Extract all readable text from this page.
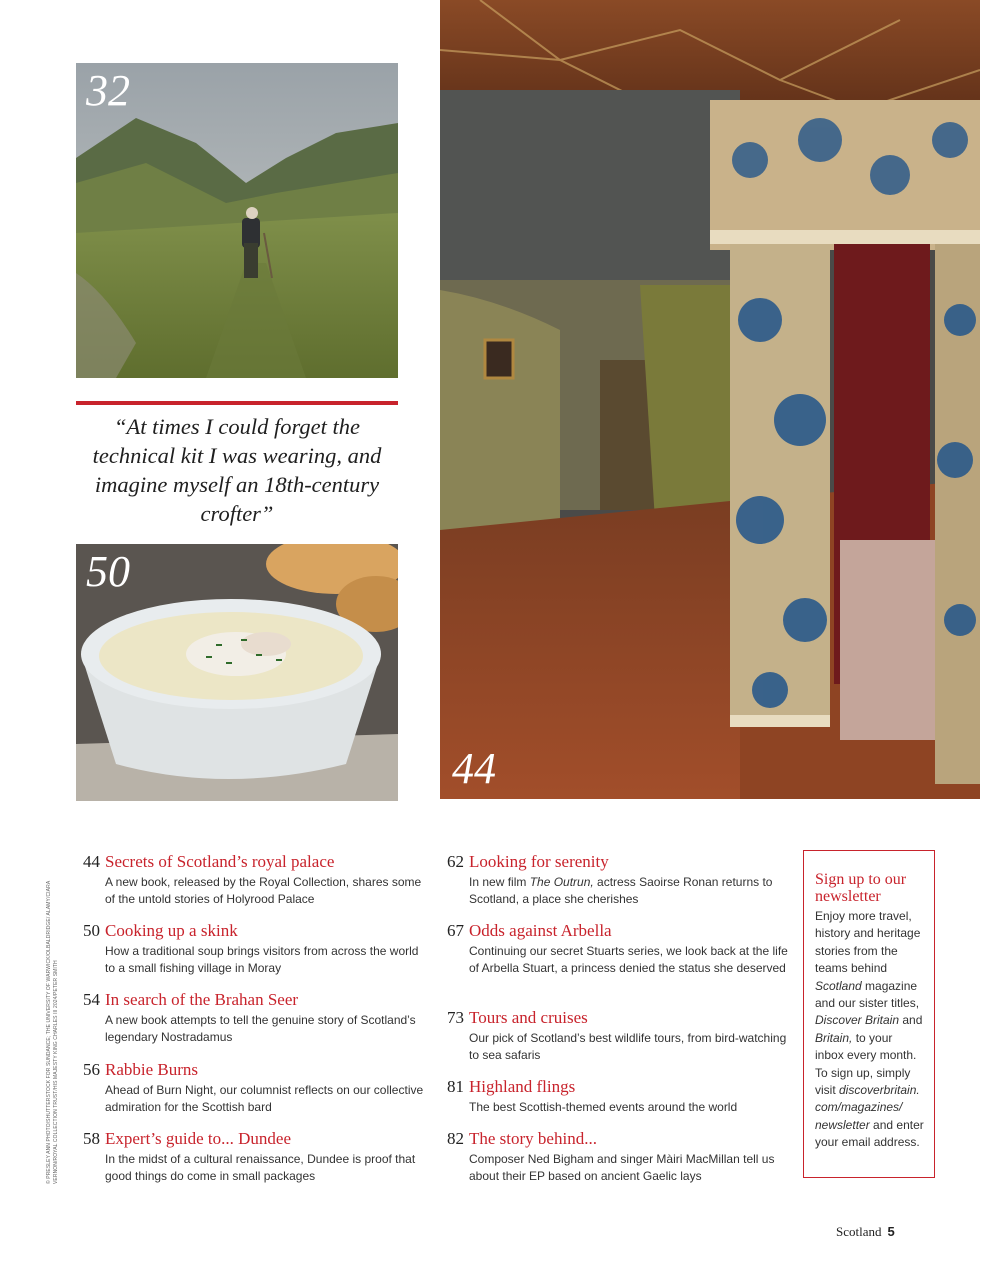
32
“At times I could forget the technical kit I was wearing, and imagine myself an 18th-century crofter”
50
44
© PRESLEY ANN PHOTO/SHUTTERSTOCK FOR SUNDANCE; THE UNIVERSITY OF WARWICK/OLBALDRIDGE/ ALAMY/CIARA VERNON/ROYAL COLLECTION TRUST/HIS MAJESTY KING CHARLES III 2024/PETER SMITH
44 Secrets of Scotland’s royal palace
A new book, released by the Royal Collection, shares some of the untold stories of Holyrood Palace
50 Cooking up a skink
How a traditional soup brings visitors from across the world to a small fishing village in Moray
54 In search of the Brahan Seer
A new book attempts to tell the genuine story of Scotland’s legendary Nostradamus
56 Rabbie Burns
Ahead of Burn Night, our columnist reflects on our collective admiration for the Scottish bard
58 Expert’s guide to... Dundee
In the midst of a cultural renaissance, Dundee is proof that good things do come in small packages
62 Looking for serenity
In new film The Outrun, actress Saoirse Ronan returns to Scotland, a place she cherishes
67 Odds against Arbella
Continuing our secret Stuarts series, we look back at the life of Arbella Stuart, a princess denied the status she deserved
73 Tours and cruises
Our pick of Scotland’s best wildlife tours, from bird-watching to sea safaris
81 Highland flings
The best Scottish-themed events around the world
82 The story behind...
Composer Ned Bigham and singer Màiri MacMillan tell us about their EP based on ancient Gaelic lays
Sign up to our newsletter
Enjoy more travel, history and heritage stories from the teams behind Scotland magazine and our sister titles, Discover Britain and Britain, to your inbox every month. To sign up, simply visit discoverbritain. com/magazines/ newsletter and enter your email address.
Scotland 5
